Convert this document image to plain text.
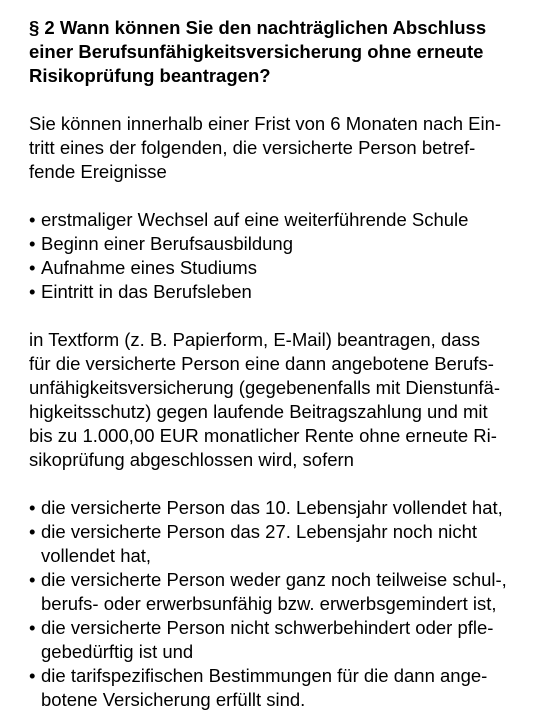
§ 2 Wann können Sie den nachträglichen Abschluss
einer Berufsunfähigkeitsversicherung ohne erneute
Risikoprüfung beantragen?

Sie können innerhalb einer Frist von 6 Monaten nach Ein-
tritt eines der folgenden, die versicherte Person betref-
fende Ereignisse

• erstmaliger Wechsel auf eine weiterführende Schule
• Beginn einer Berufsausbildung
• Aufnahme eines Studiums
• Eintritt in das Berufsleben

in Textform (z. B. Papierform, E-Mail) beantragen, dass
für die versicherte Person eine dann angebotene Berufs-
unfähigkeitsversicherung (gegebenenfalls mit Dienstunfä-
higkeitsschutz) gegen laufende Beitragszahlung und mit
bis zu 1.000,00 EUR monatlicher Rente ohne erneute Ri-
sikoprüfung abgeschlossen wird, sofern

• die versicherte Person das 10. Lebensjahr vollendet hat,
• die versicherte Person das 27. Lebensjahr noch nicht
vollendet hat,
• die versicherte Person weder ganz noch teilweise schul-,
berufs- oder erwerbsunfähig bzw. erwerbsgemindert ist,
• die versicherte Person nicht schwerbehindert oder pfle-
gebedürftig ist und
• die tarifspezifischen Bestimmungen für die dann ange-
botene Versicherung erfüllt sind.
